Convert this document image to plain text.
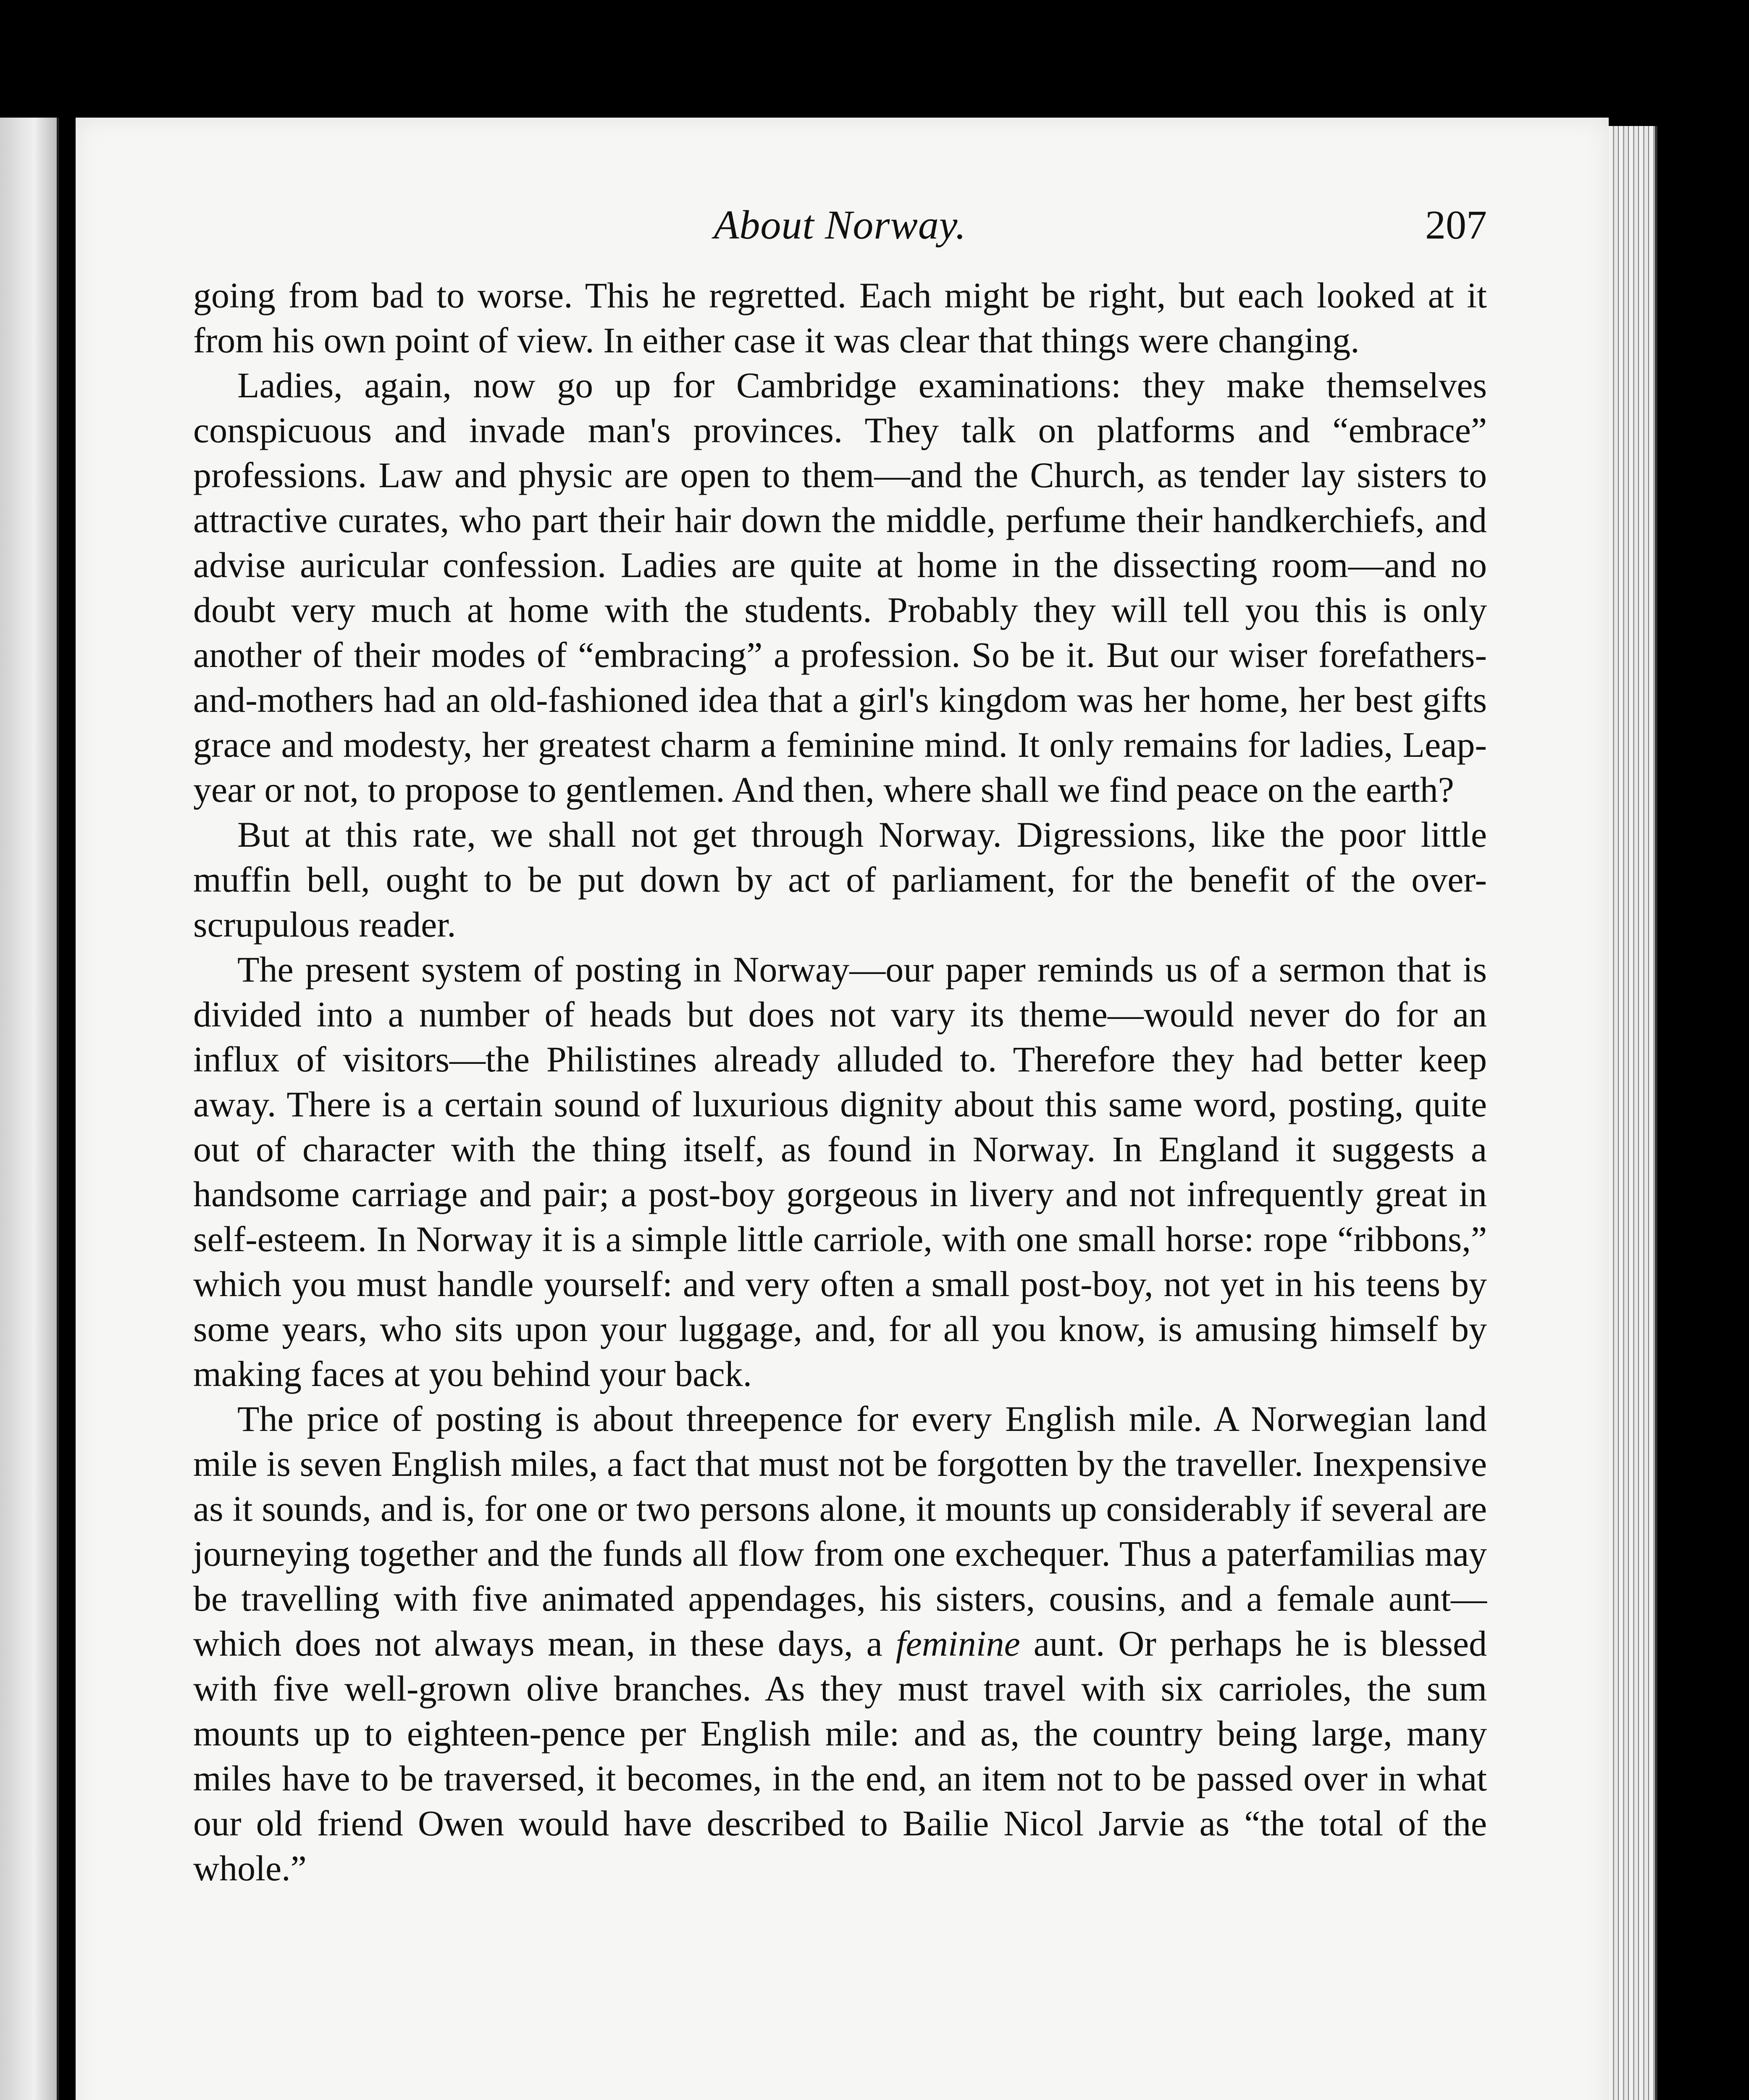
About Norway.	207

going from bad to worse. This he regretted. Each might be right, but each looked at it from his own point of view. In either case it was clear that things were changing.

Ladies, again, now go up for Cambridge examinations: they make themselves conspicuous and invade man's provinces. They talk on platforms and “embrace” professions. Law and physic are open to them—and the Church, as tender lay sisters to attractive curates, who part their hair down the middle, perfume their handkerchiefs, and advise auricular confession. Ladies are quite at home in the dissecting room—and no doubt very much at home with the students. Probably they will tell you this is only another of their modes of “embracing” a profession. So be it. But our wiser forefathers-and-mothers had an old-fashioned idea that a girl's kingdom was her home, her best gifts grace and modesty, her greatest charm a feminine mind. It only remains for ladies, Leap-year or not, to propose to gentlemen. And then, where shall we find peace on the earth?

But at this rate, we shall not get through Norway. Digressions, like the poor little muffin bell, ought to be put down by act of parliament, for the benefit of the over-scrupulous reader.

The present system of posting in Norway—our paper reminds us of a sermon that is divided into a number of heads but does not vary its theme—would never do for an influx of visitors—the Philistines already alluded to. Therefore they had better keep away. There is a certain sound of luxurious dignity about this same word, posting, quite out of character with the thing itself, as found in Norway. In England it suggests a handsome carriage and pair; a post-boy gorgeous in livery and not infrequently great in self-esteem. In Norway it is a simple little carriole, with one small horse: rope “ribbons,” which you must handle yourself: and very often a small post-boy, not yet in his teens by some years, who sits upon your luggage, and, for all you know, is amusing himself by making faces at you behind your back.

The price of posting is about threepence for every English mile. A Norwegian land mile is seven English miles, a fact that must not be forgotten by the traveller. Inexpensive as it sounds, and is, for one or two persons alone, it mounts up considerably if several are journeying together and the funds all flow from one exchequer. Thus a paterfamilias may be travelling with five animated appendages, his sisters, cousins, and a female aunt—which does not always mean, in these days, a feminine aunt. Or perhaps he is blessed with five well-grown olive branches. As they must travel with six carrioles, the sum mounts up to eighteen-pence per English mile: and as, the country being large, many miles have to be traversed, it becomes, in the end, an item not to be passed over in what our old friend Owen would have described to Bailie Nicol Jarvie as “the total of the whole.”
